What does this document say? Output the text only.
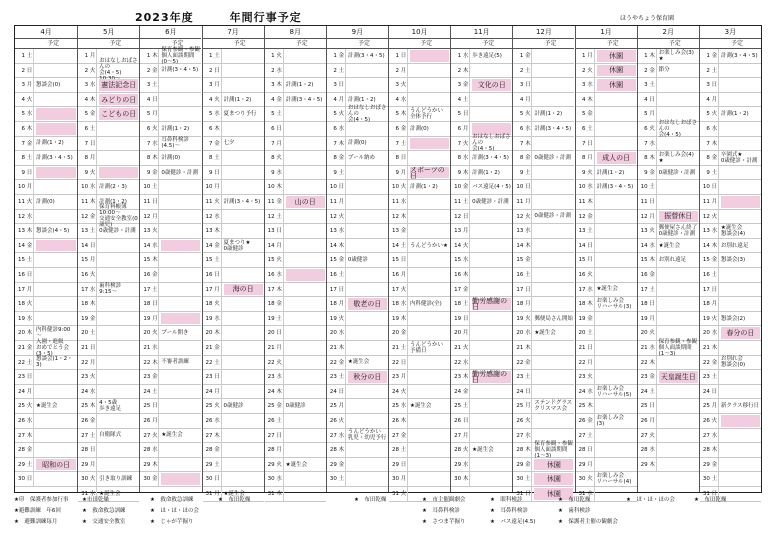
2023年度　　　年間行事予定	ほうやちょう保育園
4月
予定
1 土
2 日
3 月 懇談会(0)
4 火
5 水
6 木
7 金 計測(1・2)
8 土 計測(3・4・5)
9 日
10 月
11 火 計測(0)
12 水
13 木 懇談会(4・5)
14 金
15 土
16 日
17 月
18 火
19 水
20 木
内科健診9:00
〜
21 金
入園・進級
おめでとう会(3・5)
22 土
懇談会(1・2・3)
23 日
24 月
25 火 ★誕生会
26 水
27 木
28 金
29 土	昭和の日
30 日
5月
予定
1 月
2 火
おはなしおばさんの
会(4・5)
3 水 憲法記念日
4 木 みどりの日
5 金 こどもの日
6 土
7 日
8 月
9 火
10 水 計測(2・3)
11 木 計測(1・2)
12 金
保育料帳簿10:00〜
交通安全教室(0歳児)
13 土 0歳健診・計測
14 日
15 月
16 火
17 水
歯科検診
9:15〜
18 木
19 金
20 土
21 日
22 月
23 火
24 水
25 木
4・5歳
歩き遠足
26 金
27 土 自衛隊式
28 日
29 月
30 火 引き取り訓練
31 水 ★誕生会
6月
予定
1 木
保育参観・参観
個人面談期間(0〜5)
2 金 計測(3・4・5)
3 土
4 日
5 月
6 火 計測(1・2)
7 水
耳鼻科検診
(4.5)〜
8 木 計測(0)
9 金 0歳健診・計測
10 土
11 日
12 月
13 火
14 水
15 木
16 金
17 土
18 日
19 月
20 火 プール開き
21 水
22 木 不審者訓練
23 金
24 土
25 日
26 月
27 火 ★誕生会
28 水
29 木
30 金
7月
予定
1 土
2 日
3 月
4 火 計測(1・2)
5 水 夏まつり予行
6 木
7 金 七夕
8 土
9 日
10 月
11 火 計測(3・4・5)
12 水
13 木
14 金
夏まつり★
0歳健診
15 土
16 日
17 月	海の日
18 火
19 水
20 木
21 金
22 土
23 日
24 月
25 火 0歳健診
26 水
27 木
28 金
29 土
30 日
31 月 ★誕生会
8月
予定
1 火
2 水
3 木 計測(1・2)
4 金 計測(3・4・5)
5 土
6 日
7 月
8 火
9 水
10 木
11 金	山の日
12 土
13 日
14 月
15 火
16 水
17 木
18 金
19 土
20 日
21 月
22 火
23 水
24 木
25 金 0歳健診
26 土
27 日
28 月
29 火 ★誕生会
30 水
31 木
9月
予定
1 金 計測(3・4・5)
2 土
3 日
4 月 計測(1・2)
5 火
おはなしおばさんの
会(4・5)
6 水
7 木 計測(0)
8 金 プール納め
9 土
10 日
11 月
12 火
13 水
14 木
15 金 0歳健診
16 土
17 日
18 月	敬老の日
19 火
20 水
21 木
22 金 ★誕生会
23 土	秋分の日
24 日
25 月
26 火
27 水
うんどうかい
乳児・幼児予行
28 木
29 金
30 土
10月
予定
1 日
2 月
3 火
4 水
5 木
うんどうかい
全体予行
6 金 計測(0)
7 土
8 日
9 月 スポーツの日
10 火 計測(1・2)
11 水
12 木
13 金
14 土 うんどうかい★
15 日
16 月
17 火
18 水 内科健診(全)
19 木
20 金
21 土
うんどうかい
予備日
22 日
23 月
24 火
25 水 ★誕生会
26 木
27 金
28 土
29 日
30 月
31 火
11月
予定
1 水 歩き遠足(5)
2 木
3 金	文化の日
4 土
5 日
6 月
7 火
おはなしおばさんの
会(4・5)
8 水 計測(3・4・5)
9 木 計測(1・2)
10 金 バス遠足(4・5)
11 土 0歳健診・計測
12 日
13 月
14 火
15 水
16 木
17 金
18 土 勤労感謝の日
19 日
20 月
21 火
22 水
23 木 勤労感謝の日
24 金
25 土
26 日
27 月
28 火 ★誕生会
29 水
30 木
12月
予定
1 金
2 土
3 日
4 月
5 火 計測(1・2)
6 水 計測(3・4・5)
7 木
8 金 0歳健診・計測
9 土
10 日
11 月
12 火 0歳健診・計測
13 水
14 木
15 金
16 土
17 日
18 月
19 火 郵便局さん開始
20 水 ★誕生会
21 木
22 金
23 土
24 日
25 月
ステンドグラス
クリスマス会
26 火
27 水
28 木
保育参観・参観
個人面談期間(1〜3)
29 金	休園
30 土	休園
31 日	休園
1月
予定
1 月	休園
2 火	休園
3 水	休園
4 木
5 金
6 土
7 日
8 月	成人の日
9 火 計測(1・2)
10 水 計測(3・4・5)
11 木
12 金
13 土
14 日
15 月
16 火
17 水 ★誕生会
18 木
お楽しみ会
リハーサル(3)
19 金
20 土
21 日
22 月
23 火
24 水
お楽しみ会
リハーサル(5)
25 木
26 金
お楽しみ会
(3)
27 土
28 日
29 月
30 火
お楽しみ会
リハーサル(4)
31 水
2月
予定
1 木
お楽しみ会(3)
★
2 金 節分
3 土
4 日
5 月
6 火
おはなしおばさんの
会(4・5)
7 水
8 木
お楽しみ会(4)
★
9 金 0歳健診・計測
10 土
11 日
12 月	振替休日
13 火
郵便屋さん終了
0歳健診・計測
14 水 ★誕生会
15 木 お別れ遠足
16 金
17 土
18 日
19 月
20 火
21 水
保育参観・参観
個人面談期間(1〜3)
22 木
23 金 天皇誕生日
24 土
25 日
26 月
27 火
28 水
29 木
3月
予定
1 金 計測(3・4・5)
2 土
3 日
4 月
5 火 計測(1・2)
6 水
7 木
8 金
卒園式★
0歳健診・計測
9 土
10 日
11 月
12 火
13 水
★誕生会
懇談会(4)
14 木 お別れ遠足
15 金 懇談会(3)
16 土
17 日
18 月
19 火 懇談会(2)
20 水	春分の日
21 木
22 金
お別れ会
懇談会(0)
23 土
24 日
25 月 新クラス移行日
26 火
27 水
28 木
29 金
30 土
31 日
★印　保護者参加行事 ★市田乾燥	★　救命救急訓練	★　布田乾燥	★　布田乾燥	★　市主催観劇会	★　眼科検診	★　布田乾燥	★　ほ・ほ・ほの会	★　布田乾燥
★避難訓練　年6回	★　救命救急訓練	★　ほ・ほ・ほの会	★　耳鼻科検診	★　耳鼻科検診	★　歯科検診
★　避難訓練毎月	★　交通安全教室	★　じゃが芋掘り	★　さつま芋掘り	★　バス遠足(4.5)	★　保護者主催の観劇会
